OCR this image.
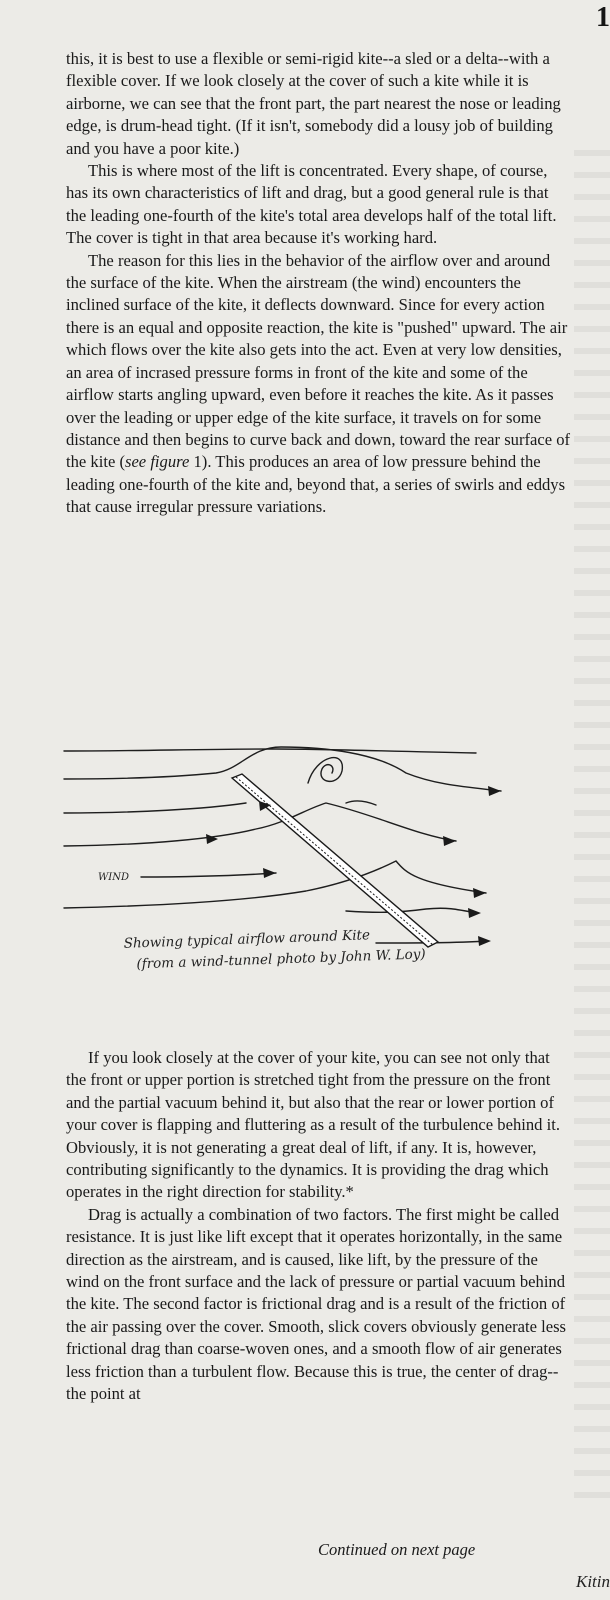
1

this, it is best to use a flexible or semi-rigid kite--a sled or a delta--with a flexible cover. If we look closely at the cover of such a kite while it is airborne, we can see that the front part, the part nearest the nose or leading edge, is drum-head tight. (If it isn't, somebody did a lousy job of building and you have a poor kite.)

This is where most of the lift is concentrated. Every shape, of course, has its own characteristics of lift and drag, but a good general rule is that the leading one-fourth of the kite's total area develops half of the total lift. The cover is tight in that area because it's working hard.

The reason for this lies in the behavior of the airflow over and around the surface of the kite. When the airstream (the wind) encounters the inclined surface of the kite, it deflects downward. Since for every action there is an equal and opposite reaction, the kite is "pushed" upward. The air which flows over the kite also gets into the act. Even at very low densities, an area of incrased pressure forms in front of the kite and some of the airflow starts angling upward, even before it reaches the kite. As it passes over the leading or upper edge of the kite surface, it travels on for some distance and then begins to curve back and down, toward the rear surface of the kite (see figure 1). This produces an area of low pressure behind the leading one-fourth of the kite and, beyond that, a series of swirls and eddys that cause irregular pressure variations.

WIND
Showing typical airflow around Kite
(from a wind-tunnel photo by John W. Loy)

If you look closely at the cover of your kite, you can see not only that the front or upper portion is stretched tight from the pressure on the front and the partial vacuum behind it, but also that the rear or lower portion of your cover is flapping and fluttering as a result of the turbulence behind it. Obviously, it is not generating a great deal of lift, if any. It is, however, contributing significantly to the dynamics. It is providing the drag which operates in the right direction for stability.*

Drag is actually a combination of two factors. The first might be called resistance. It is just like lift except that it operates horizontally, in the same direction as the airstream, and is caused, like lift, by the pressure of the wind on the front surface and the lack of pressure or partial vacuum behind the kite. The second factor is frictional drag and is a result of the friction of the air passing over the cover. Smooth, slick covers obviously generate less frictional drag than coarse-woven ones, and a smooth flow of air generates less friction than a turbulent flow. Because this is true, the center of drag--the point at

Continued on next page
Kitin
